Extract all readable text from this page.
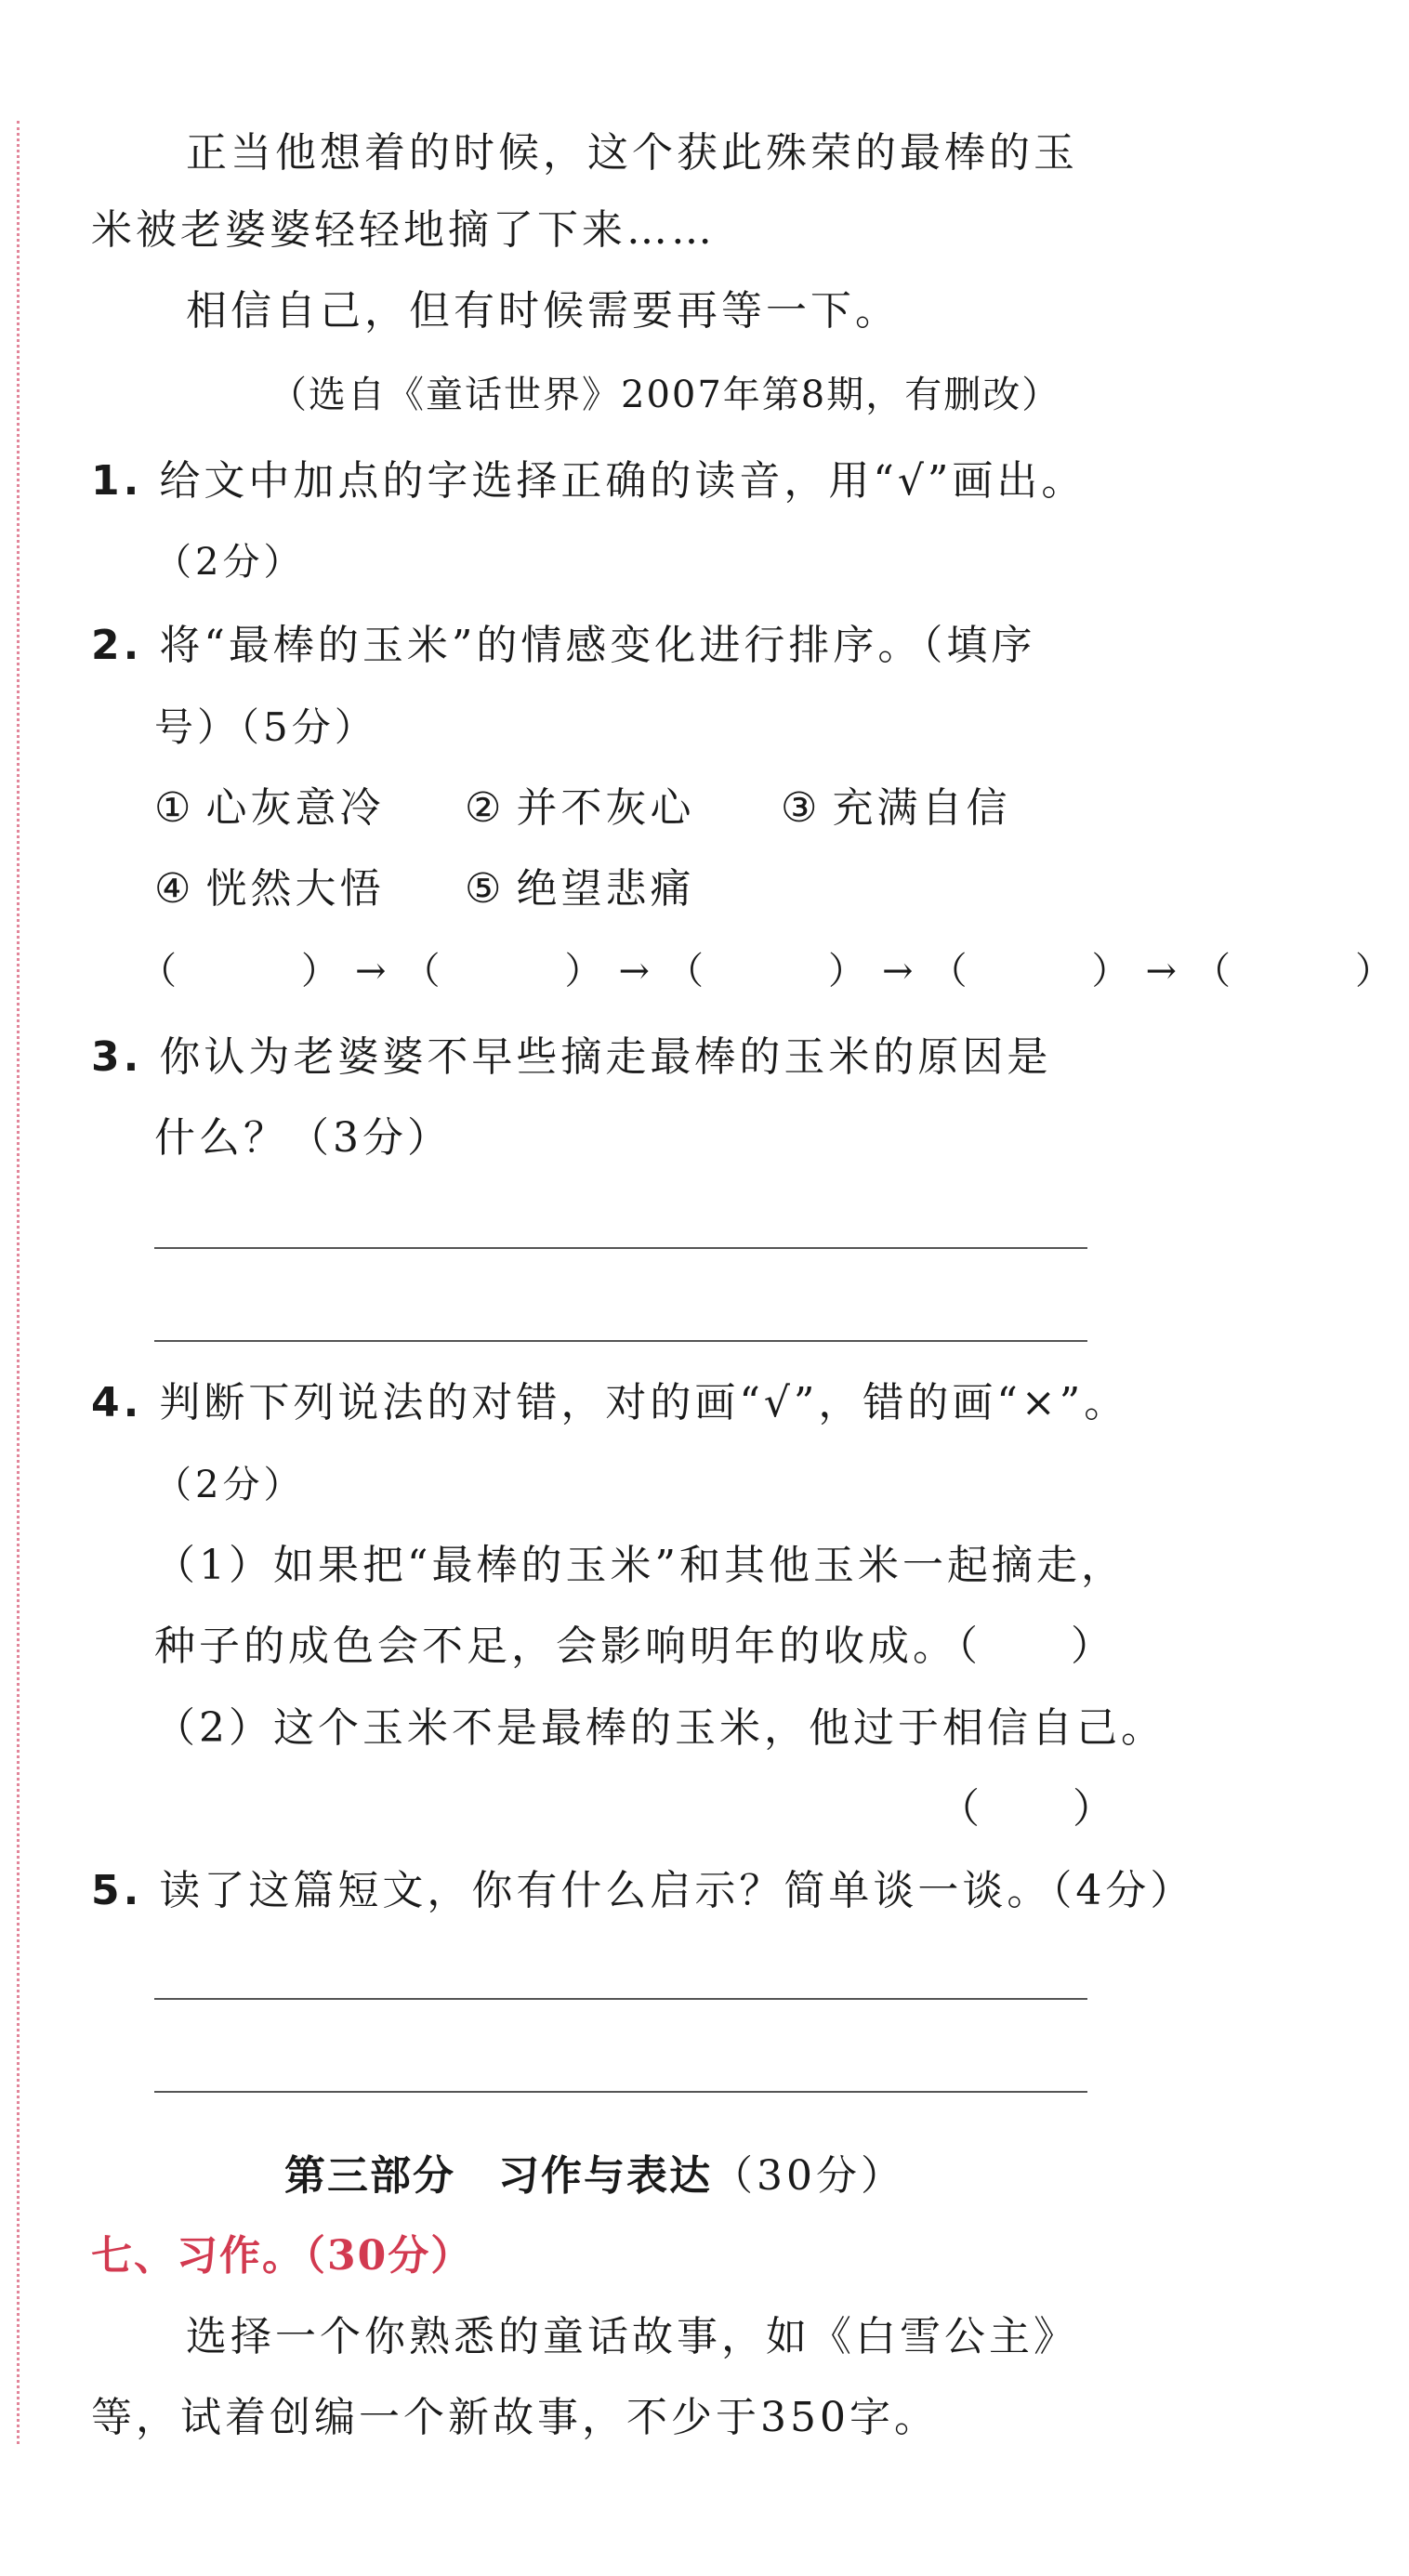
正当他想着的时候，这个获此殊荣的最棒的玉
米被老婆婆轻轻地摘了下来……
相信自己，但有时候需要再等一下。
（选自《童话世界》2007年第8期，有删改）
1. 给文中加点的字选择正确的读音，用“√”画出。
（2分）
2. 将“最棒的玉米”的情感变化进行排序。（填序
号）（5分）
① 心灰意冷 ② 并不灰心 ③ 充满自信
④ 恍然大悟 ⑤ 绝望悲痛
（　　）→（　　）→（　　）→（　　）→（　　）
3. 你认为老婆婆不早些摘走最棒的玉米的原因是
什么？（3分）
4. 判断下列说法的对错，对的画“√”，错的画“×”。
（2分）
（1）如果把“最棒的玉米”和其他玉米一起摘走，
种子的成色会不足，会影响明年的收成。（　　）
（2）这个玉米不是最棒的玉米，他过于相信自己。
（　　）
5. 读了这篇短文，你有什么启示？简单谈一谈。（4分）
第三部分　习作与表达（30分）
七、习作。（30分）
选择一个你熟悉的童话故事，如《白雪公主》
等，试着创编一个新故事，不少于350字。
